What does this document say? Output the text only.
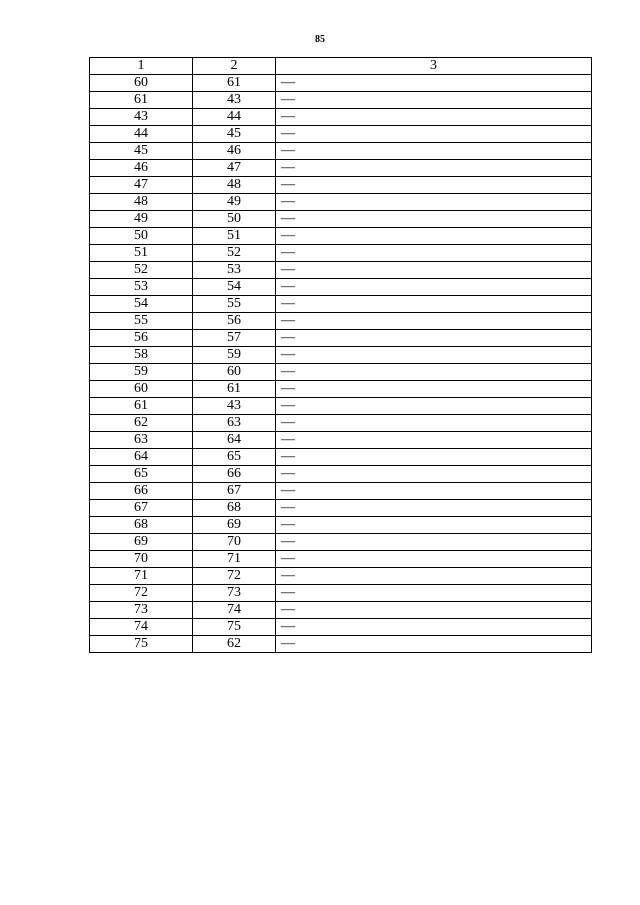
85
1	2	3
60	61	—
61	43	—
43	44	—
44	45	—
45	46	—
46	47	—
47	48	—
48	49	—
49	50	—
50	51	—
51	52	—
52	53	—
53	54	—
54	55	—
55	56	—
56	57	—
58	59	—
59	60	—
60	61	—
61	43	—
62	63	—
63	64	—
64	65	—
65	66	—
66	67	—
67	68	—
68	69	—
69	70	—
70	71	—
71	72	—
72	73	—
73	74	—
74	75	—
75	62	—
